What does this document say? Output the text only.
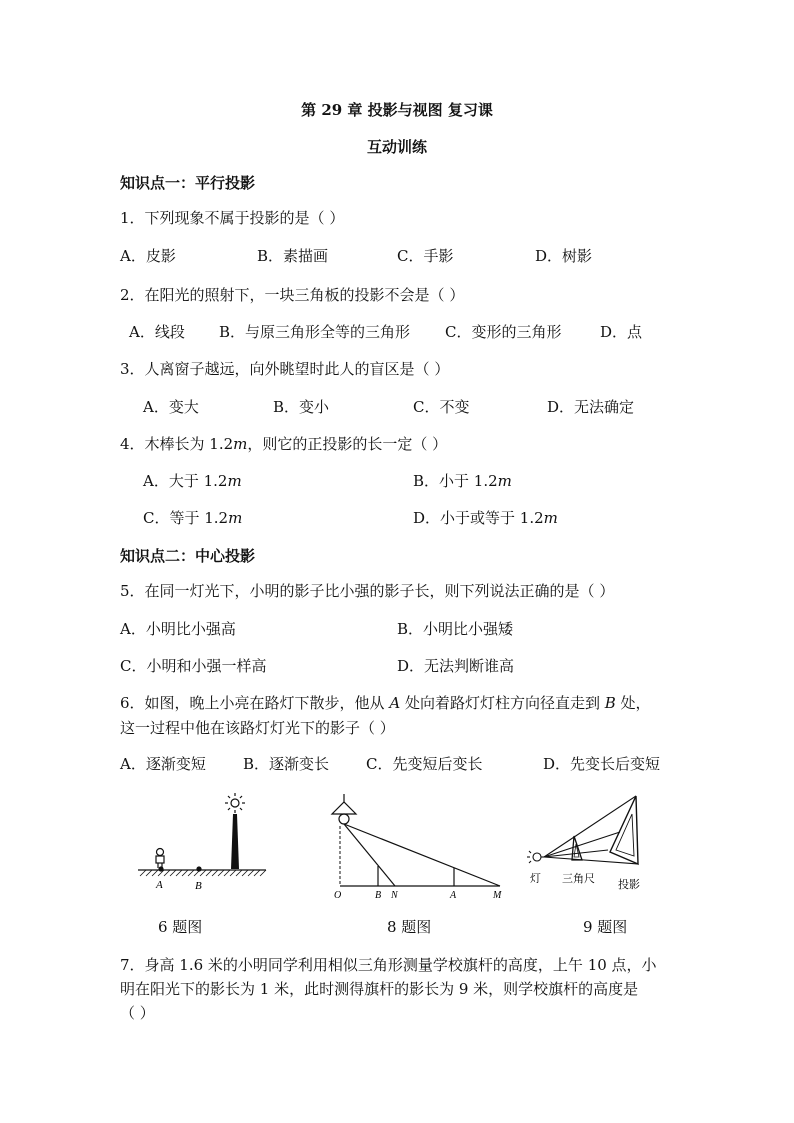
第 29 章 投影与视图 复习课
互动训练
知识点一：平行投影
1．下列现象不属于投影的是（ ）
A．皮影	B．素描画	C．手影	D．树影
2．在阳光的照射下，一块三角板的投影不会是（ ）
A．线段 B．与原三角形全等的三角形 C．变形的三角形	D．点
3．人离窗子越远，向外眺望时此人的盲区是（ ）
A．变大	B．变小	C．不变	D．无法确定
4．木棒长为 1.2m，则它的正投影的长一定（ ）
A．大于 1.2m	B．小于 1.2m
C．等于 1.2m	D．小于或等于 1.2m
知识点二：中心投影
5．在同一灯光下，小明的影子比小强的影子长，则下列说法正确的是（ ）
A．小明比小强高	B．小明比小强矮
C．小明和小强一样高	D．无法判断谁高
6．如图，晚上小亮在路灯下散步，他从 A 处向着路灯灯柱方向径直走到 B 处，
这一过程中他在该路灯灯光下的影子（ ）
A．逐渐变短 B．逐渐变长 C．先变短后变长	D．先变长后变短
A	B
6 题图
O	B N	A	M
8 题图
灯 三角尺 投影
9 题图
7．身高 1.6 米的小明同学利用相似三角形测量学校旗杆的高度，上午 10 点，小
明在阳光下的影长为 1 米，此时测得旗杆的影长为 9 米，则学校旗杆的高度是
（ ）
